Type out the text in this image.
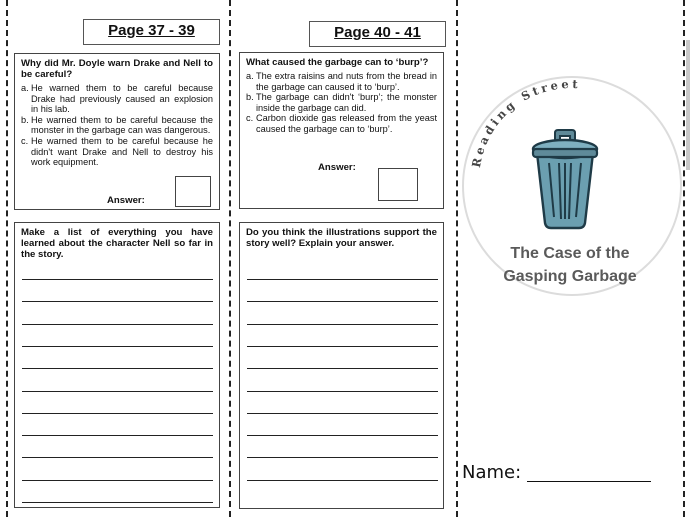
Page 37 - 39

Why did Mr. Doyle warn Drake and Nell to be careful?

a. He warned them to be careful because Drake had previously caused an explosion in his lab.
b. He warned them to be careful because the monster in the garbage can was dangerous.
c. He warned them to be careful because he didn't want Drake and Nell to destroy his work equipment.
Answer:

Make a list of everything you have learned about the character Nell so far in the story.

Page 40 - 41

What caused the garbage can to ‘burp’?

a. The extra raisins and nuts from the bread in the garbage can caused it to ‘burp’.
b. The garbage can didn't ‘burp’; the monster inside the garbage can did.
c. Carbon dioxide gas released from the yeast caused the garbage can to ‘burp’.
Answer:

Do you think the illustrations support the story well? Explain your answer.

Reading Street
The Case of the
Gasping Garbage
Name:
